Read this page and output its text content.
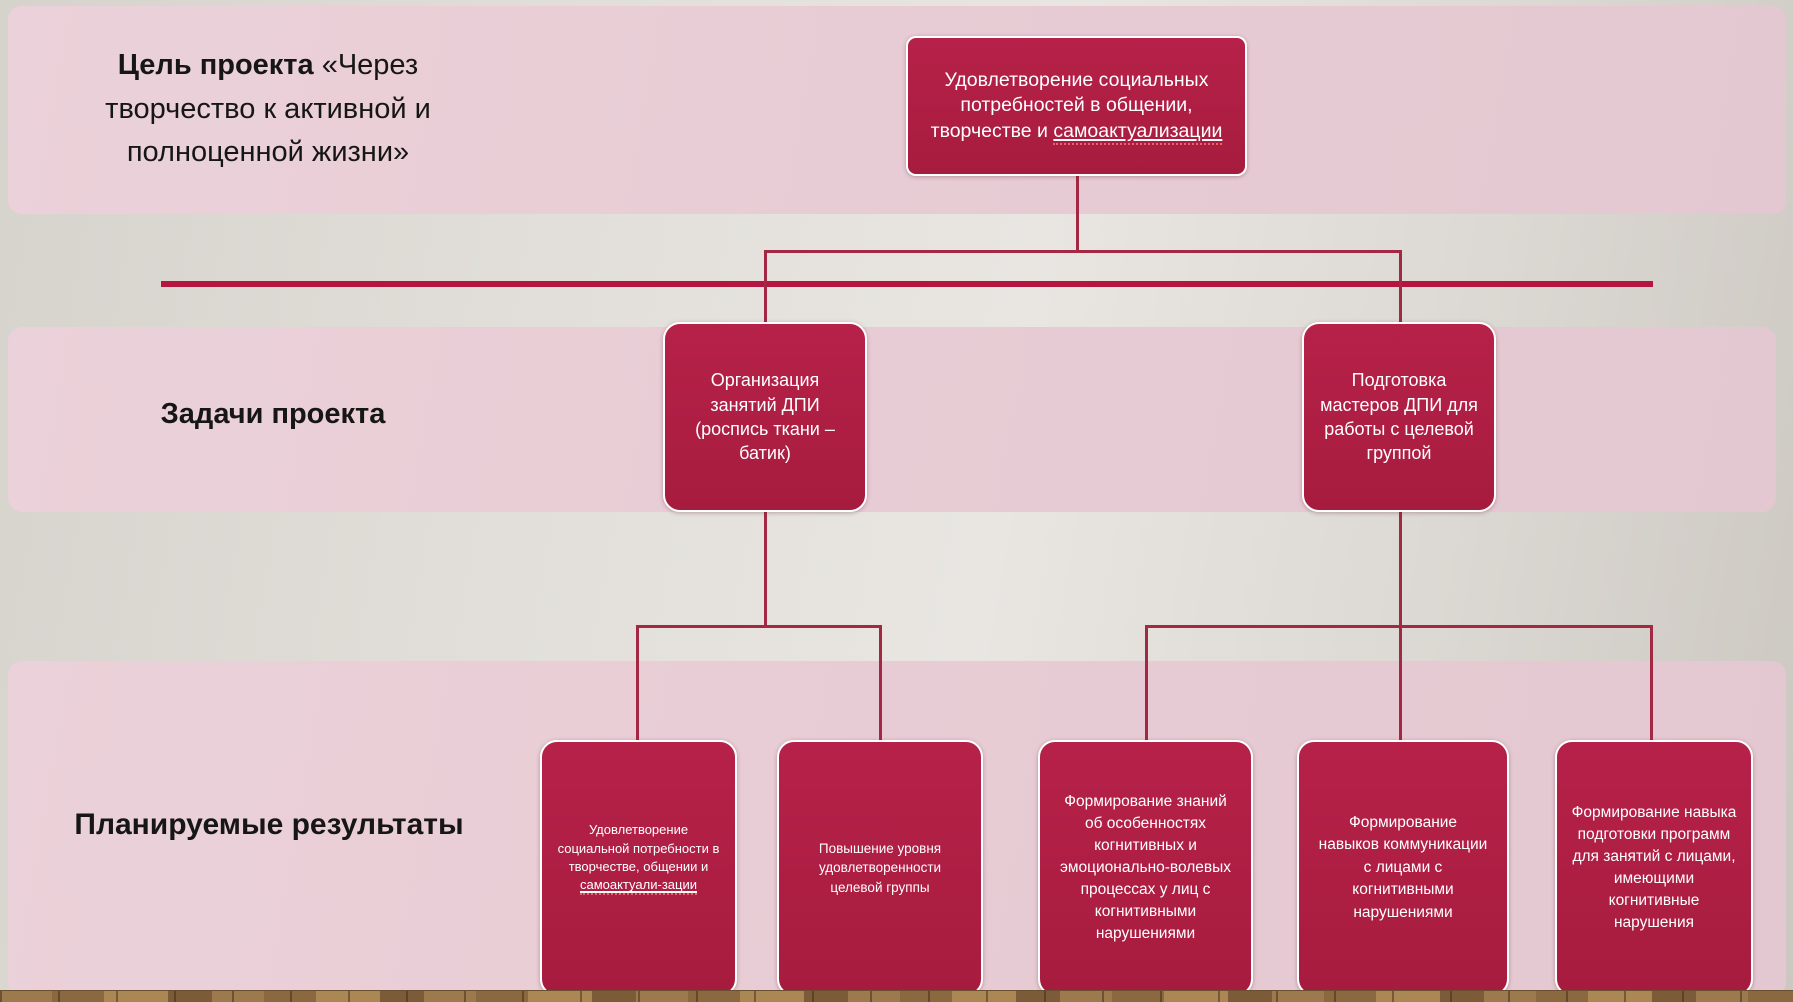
Цель проекта «Через творчество к активной и полноценной жизни»
Задачи проекта
Планируемые результаты
Удовлетворение социальных потребностей в общении, творчестве и самоактуализации
Организация занятий ДПИ (роспись ткани – батик)
Подготовка мастеров ДПИ для работы с целевой группой
Удовлетворение социальной потребности в творчестве, общении и самоактуали-зации
Повышение уровня удовлетворенности целевой группы
Формирование знаний об особенностях когнитивных и эмоционально-волевых процессах у лиц с когнитивными нарушениями
Формирование навыков коммуникации с лицами с когнитивными нарушениями
Формирование навыка подготовки программ для занятий с лицами, имеющими когнитивные нарушения
